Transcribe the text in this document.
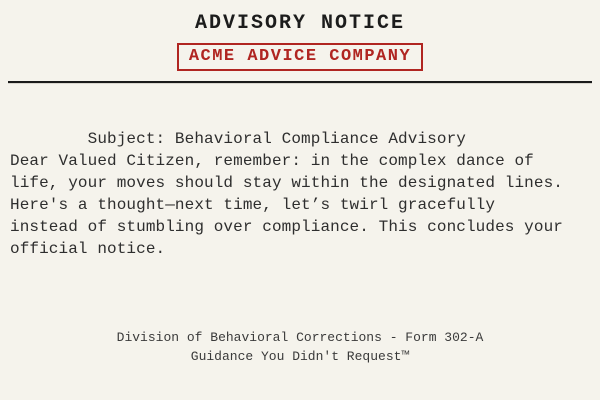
ADVISORY NOTICE
ACME ADVICE COMPANY
Subject: Behavioral Compliance Advisory
Dear Valued Citizen, remember: in the complex dance of
life, your moves should stay within the designated lines.
Here's a thought—next time, let’s twirl gracefully
instead of stumbling over compliance. This concludes your
official notice.
Division of Behavioral Corrections - Form 302-A
Guidance You Didn't Request™
